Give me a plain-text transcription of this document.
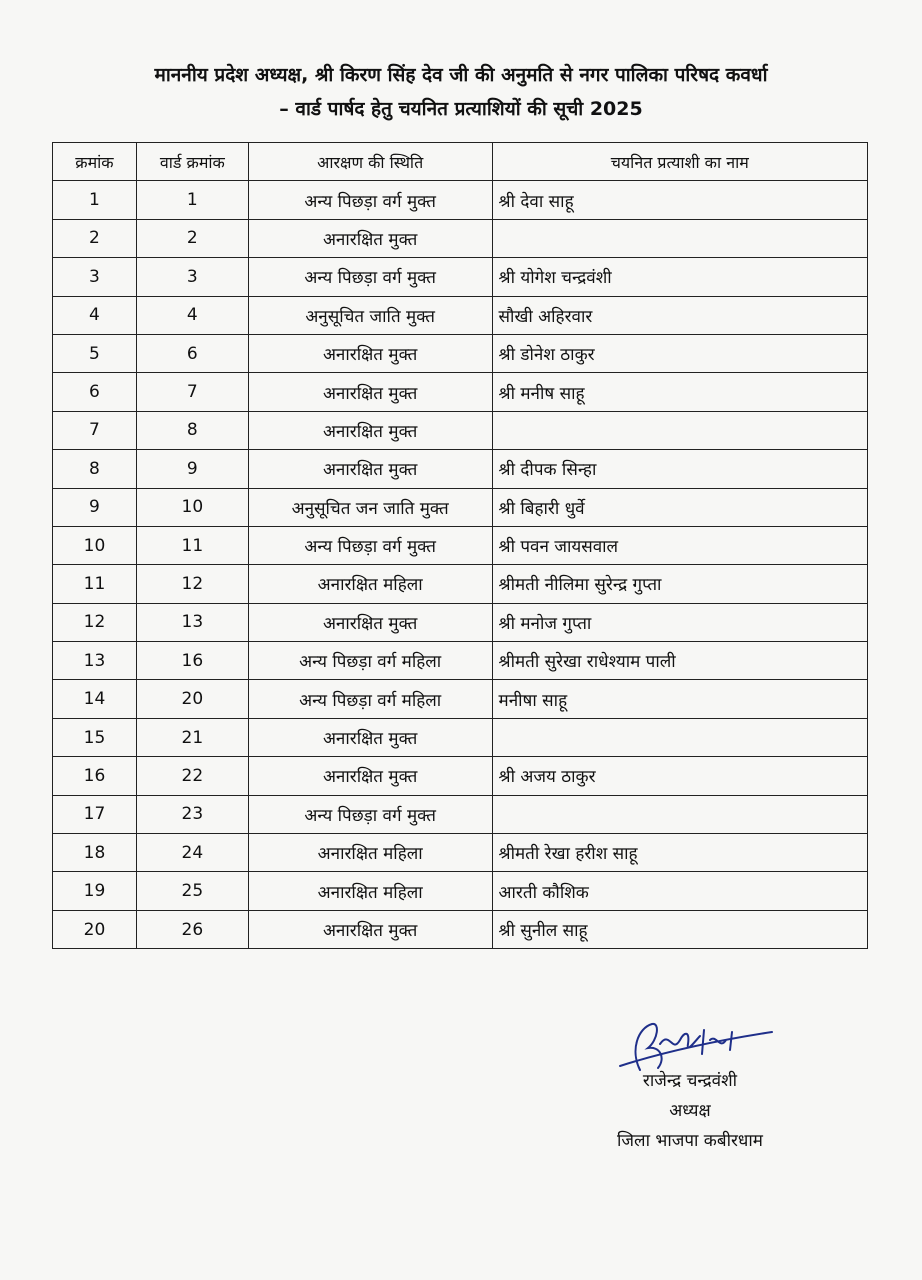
माननीय प्रदेश अध्यक्ष, श्री किरण सिंह देव जी की अनुमति से नगर पालिका परिषद कवर्धा
– वार्ड पार्षद हेतु चयनित प्रत्याशियों की सूची 2025
क्रमांक	वार्ड क्रमांक	आरक्षण की स्थिति	चयनित प्रत्याशी का नाम
1	1	अन्य पिछड़ा वर्ग मुक्त	श्री देवा साहू
2	2	अनारक्षित मुक्त	
3	3	अन्य पिछड़ा वर्ग मुक्त	श्री योगेश चन्द्रवंशी
4	4	अनुसूचित जाति मुक्त	सौखी अहिरवार
5	6	अनारक्षित मुक्त	श्री डोनेश ठाकुर
6	7	अनारक्षित मुक्त	श्री मनीष साहू
7	8	अनारक्षित मुक्त	
8	9	अनारक्षित मुक्त	श्री दीपक सिन्हा
9	10	अनुसूचित जन जाति मुक्त	श्री बिहारी धुर्वे
10	11	अन्य पिछड़ा वर्ग मुक्त	श्री पवन जायसवाल
11	12	अनारक्षित महिला	श्रीमती नीलिमा सुरेन्द्र गुप्ता
12	13	अनारक्षित मुक्त	श्री मनोज गुप्ता
13	16	अन्य पिछड़ा वर्ग महिला	श्रीमती सुरेखा राधेश्याम पाली
14	20	अन्य पिछड़ा वर्ग महिला	मनीषा साहू
15	21	अनारक्षित मुक्त	
16	22	अनारक्षित मुक्त	श्री अजय ठाकुर
17	23	अन्य पिछड़ा वर्ग मुक्त	
18	24	अनारक्षित महिला	श्रीमती रेखा हरीश साहू
19	25	अनारक्षित महिला	आरती कौशिक
20	26	अनारक्षित मुक्त	श्री सुनील साहू
राजेन्द्र चन्द्रवंशी
अध्यक्ष
जिला भाजपा कबीरधाम
